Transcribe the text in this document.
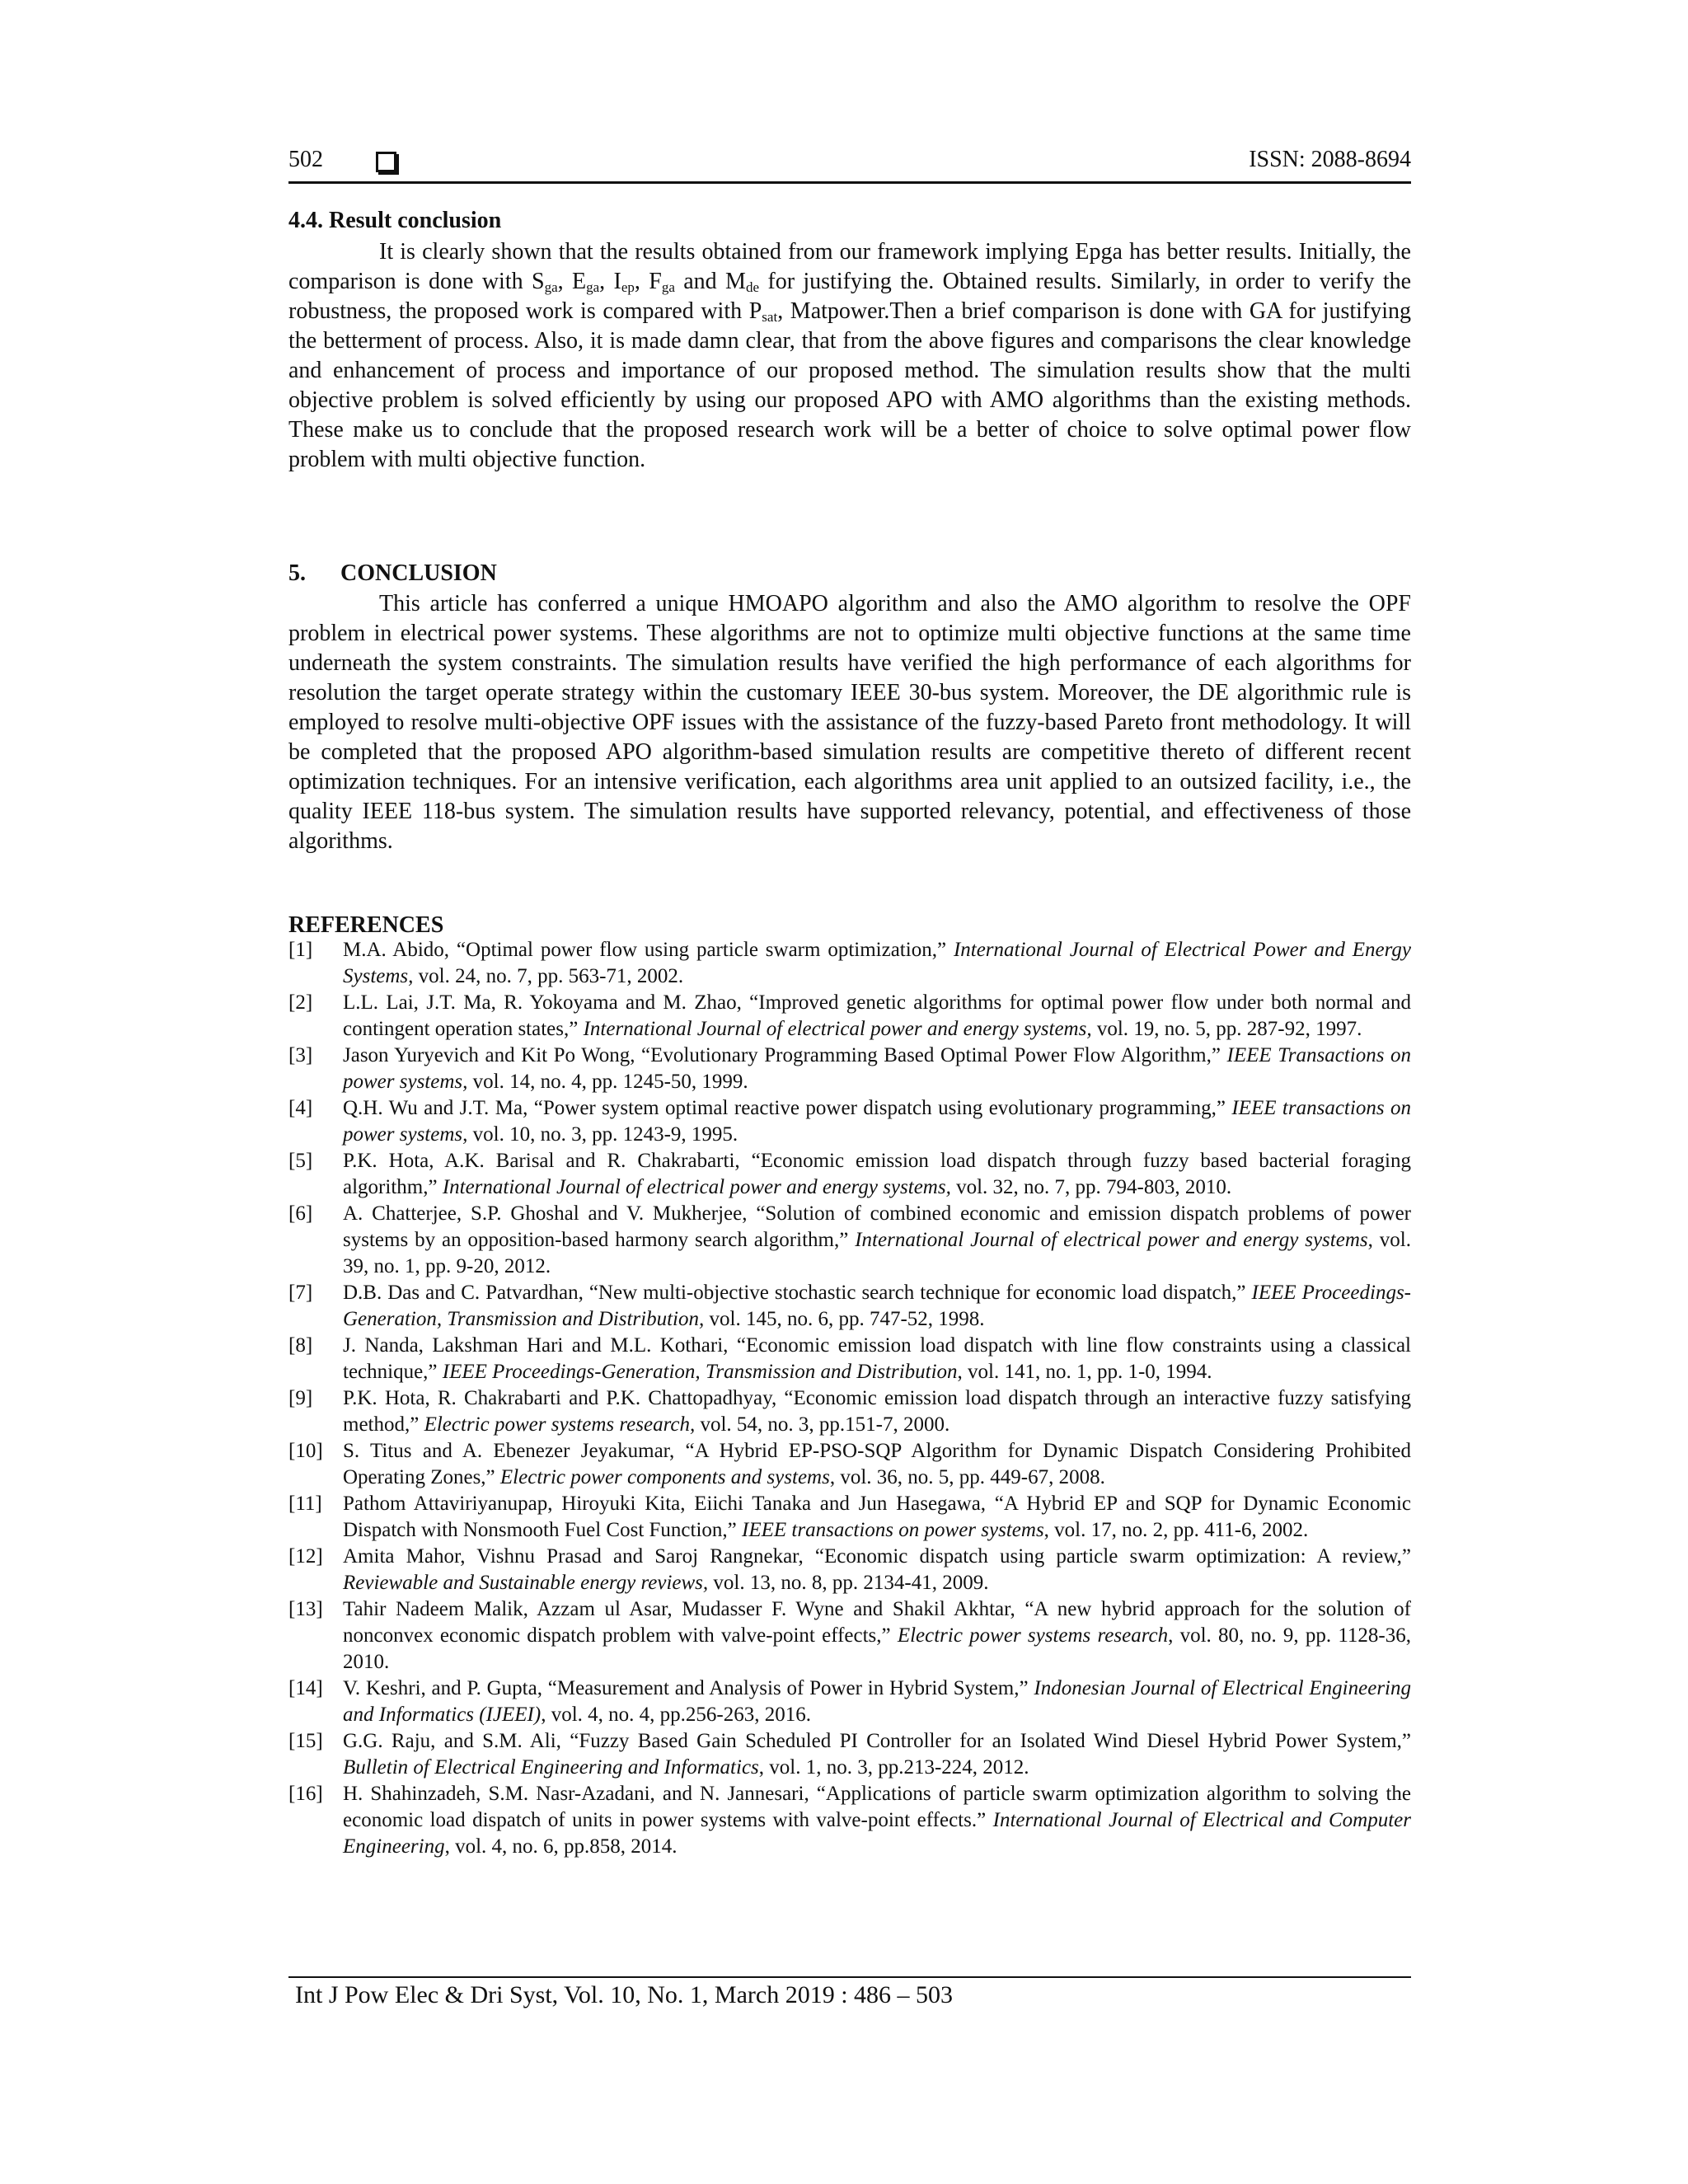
502	ISSN: 2088-8694
4.4. Result conclusion
It is clearly shown that the results obtained from our framework implying Epga has better results. Initially, the comparison is done with $S_{ga}$, $E_{ga}$, $I_{ep}$, $F_{ga}$ and $M_{de}$ for justifying the. Obtained results. Similarly, in order to verify the robustness, the proposed work is compared with $P_{sat}$, Matpower.Then a brief comparison is done with GA for justifying the betterment of process. Also, it is made damn clear, that from the above figures and comparisons the clear knowledge and enhancement of process and importance of our proposed method. The simulation results show that the multi objective problem is solved efficiently by using our proposed APO with AMO algorithms than the existing methods. These make us to conclude that the proposed research work will be a better of choice to solve optimal power flow problem with multi objective function.
5.      CONCLUSION
This article has conferred a unique HMOAPO algorithm and also the AMO algorithm to resolve the OPF problem in electrical power systems. These algorithms are not to optimize multi objective functions at the same time underneath the system constraints. The simulation results have verified the high performance of each algorithms for resolution the target operate strategy within the customary IEEE 30-bus system. Moreover, the DE algorithmic rule is employed to resolve multi-objective OPF issues with the assistance of the fuzzy-based Pareto front methodology. It will be completed that the proposed APO algorithm-based simulation results are competitive thereto of different recent optimization techniques. For an intensive verification, each algorithms area unit applied to an outsized facility, i.e., the quality IEEE 118-bus system. The simulation results have supported relevancy, potential, and effectiveness of those algorithms.
REFERENCES
[1]	M.A. Abido, “Optimal power flow using particle swarm optimization,” International Journal of Electrical Power and Energy Systems, vol. 24, no. 7, pp. 563-71, 2002.
[2]	L.L. Lai, J.T. Ma, R. Yokoyama and M. Zhao, “Improved genetic algorithms for optimal power flow under both normal and contingent operation states,” International Journal of electrical power and energy systems, vol. 19, no. 5, pp. 287-92, 1997.
[3]	Jason Yuryevich and Kit Po Wong, “Evolutionary Programming Based Optimal Power Flow Algorithm,” IEEE Transactions on power systems, vol. 14, no. 4, pp. 1245-50, 1999.
[4]	Q.H. Wu and J.T. Ma, “Power system optimal reactive power dispatch using evolutionary programming,” IEEE transactions on power systems, vol. 10, no. 3, pp. 1243-9, 1995.
[5]	P.K. Hota, A.K. Barisal and R. Chakrabarti, “Economic emission load dispatch through fuzzy based bacterial foraging algorithm,” International Journal of electrical power and energy systems, vol. 32, no. 7, pp. 794-803, 2010.
[6]	A. Chatterjee, S.P. Ghoshal and V. Mukherjee, “Solution of combined economic and emission dispatch problems of power systems by an opposition-based harmony search algorithm,” International Journal of electrical power and energy systems, vol. 39, no. 1, pp. 9-20, 2012.
[7]	D.B. Das and C. Patvardhan, “New multi-objective stochastic search technique for economic load dispatch,” IEEE Proceedings-Generation, Transmission and Distribution, vol. 145, no. 6, pp. 747-52, 1998.
[8]	J. Nanda, Lakshman Hari and M.L. Kothari, “Economic emission load dispatch with line flow constraints using a classical technique,” IEEE Proceedings-Generation, Transmission and Distribution, vol. 141, no. 1, pp. 1-0, 1994.
[9]	P.K. Hota, R. Chakrabarti and P.K. Chattopadhyay, “Economic emission load dispatch through an interactive fuzzy satisfying method,” Electric power systems research, vol. 54, no. 3, pp.151-7, 2000.
[10] S. Titus and A. Ebenezer Jeyakumar, “A Hybrid EP-PSO-SQP Algorithm for Dynamic Dispatch Considering Prohibited Operating Zones,” Electric power components and systems, vol. 36, no. 5, pp. 449-67, 2008.
[11]	Pathom Attaviriyanupap, Hiroyuki Kita, Eiichi Tanaka and Jun Hasegawa, “A Hybrid EP and SQP for Dynamic Economic Dispatch with Nonsmooth Fuel Cost Function,” IEEE transactions on power systems, vol. 17, no. 2, pp. 411-6, 2002.
[12] Amita Mahor, Vishnu Prasad and Saroj Rangnekar, “Economic dispatch using particle swarm optimization: A review,” Reviewable and Sustainable energy reviews, vol. 13, no. 8, pp. 2134-41, 2009.
[13] Tahir Nadeem Malik, Azzam ul Asar, Mudasser F. Wyne and Shakil Akhtar, “A new hybrid approach for the solution of nonconvex economic dispatch problem with valve-point effects,” Electric power systems research, vol. 80, no. 9, pp. 1128-36, 2010.
[14] V. Keshri, and P. Gupta, “Measurement and Analysis of Power in Hybrid System,” Indonesian Journal of Electrical Engineering and Informatics (IJEEI), vol. 4, no. 4, pp.256-263, 2016.
[15] G.G. Raju, and S.M. Ali, “Fuzzy Based Gain Scheduled PI Controller for an Isolated Wind Diesel Hybrid Power System,” Bulletin of Electrical Engineering and Informatics, vol. 1, no. 3, pp.213-224, 2012.
[16] H. Shahinzadeh, S.M. Nasr-Azadani, and N. Jannesari, “Applications of particle swarm optimization algorithm to solving the economic load dispatch of units in power systems with valve-point effects.” International Journal of Electrical and Computer Engineering, vol. 4, no. 6, pp.858, 2014.
Int J Pow Elec & Dri Syst, Vol. 10, No. 1, March 2019 : 486 – 503
